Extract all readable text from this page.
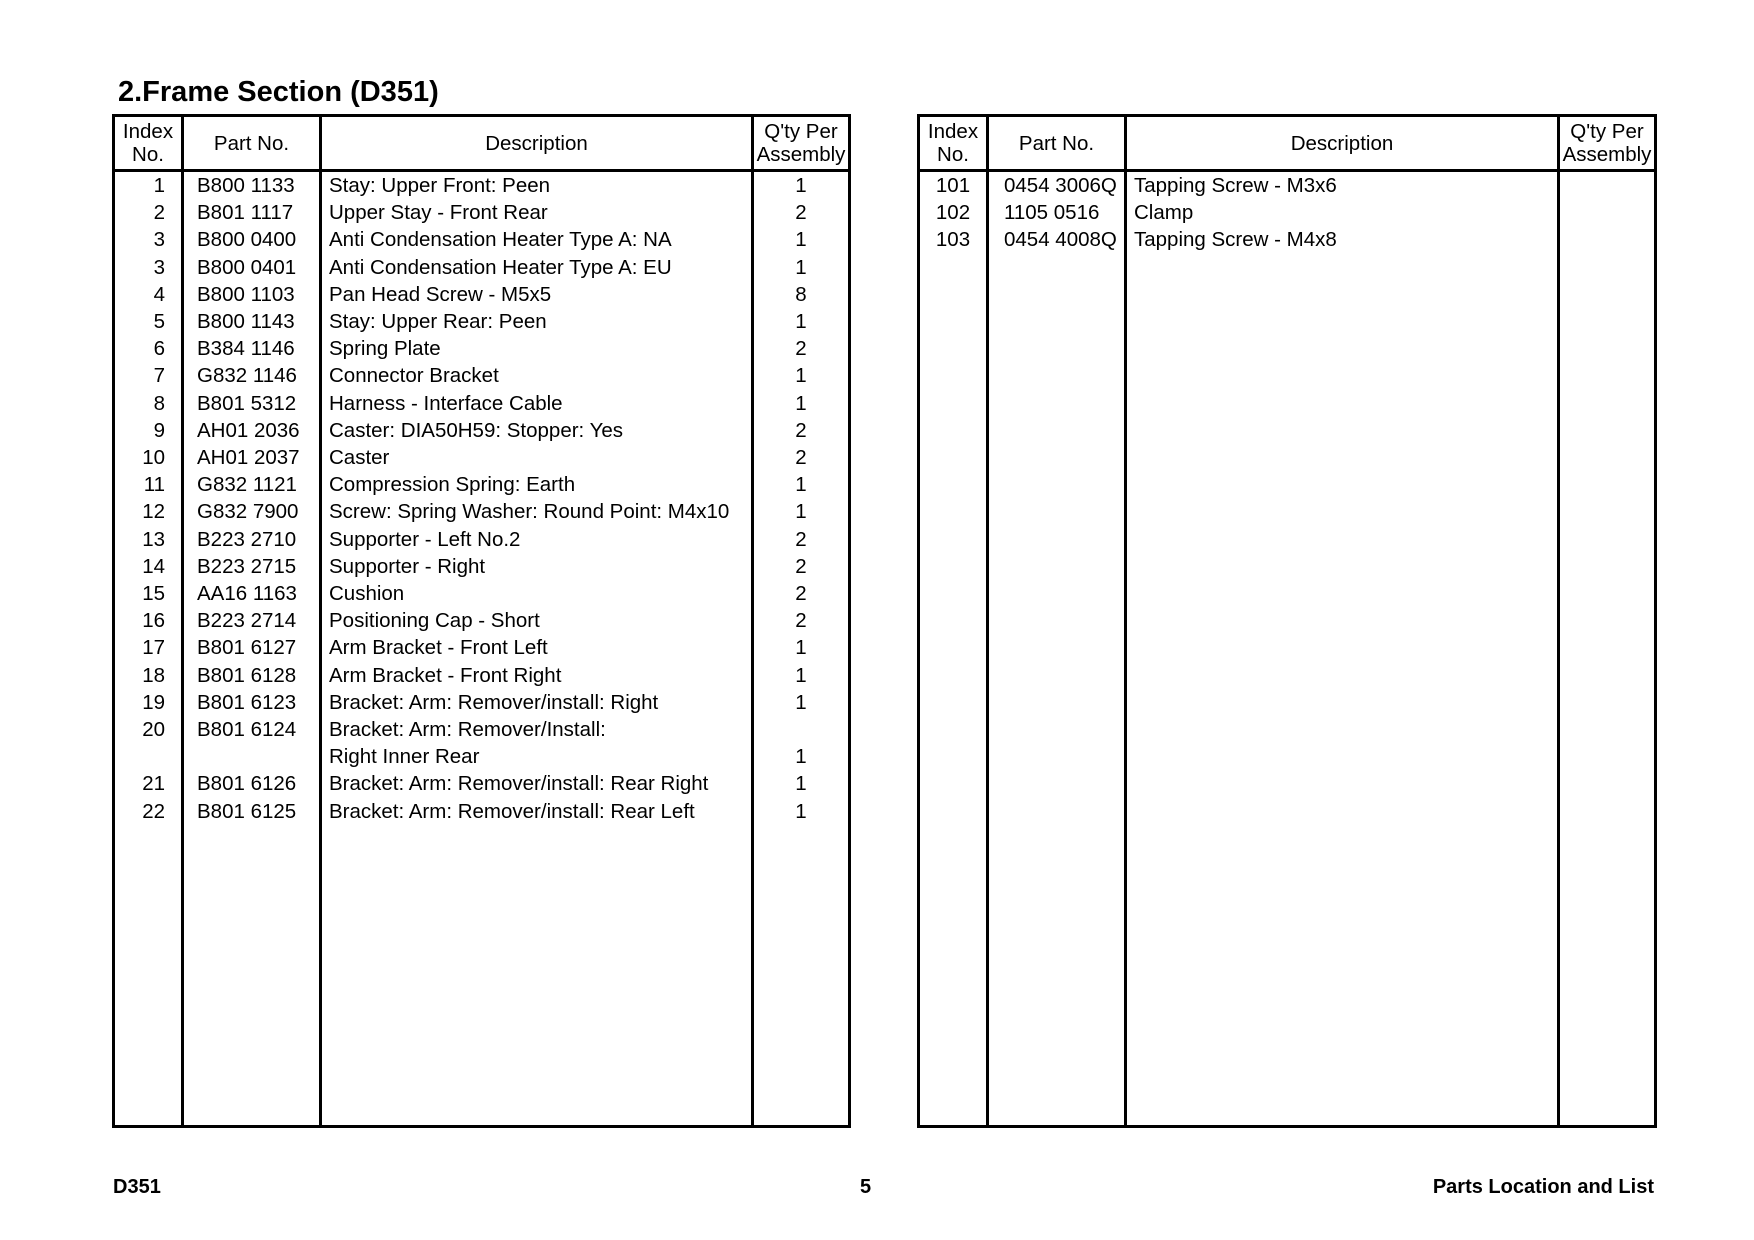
2.Frame Section (D351)
Index No.	Part No.	Description	Q'ty Per Assembly
1	B800 1133	Stay: Upper Front: Peen	1
2	B801 1117	Upper Stay - Front Rear	2
3	B800 0400	Anti Condensation Heater Type A: NA	1
3	B800 0401	Anti Condensation Heater Type A: EU	1
4	B800 1103	Pan Head Screw - M5x5	8
5	B800 1143	Stay: Upper Rear: Peen	1
6	B384 1146	Spring Plate	2
7	G832 1146	Connector Bracket	1
8	B801 5312	Harness - Interface Cable	1
9	AH01 2036	Caster: DIA50H59: Stopper: Yes	2
10	AH01 2037	Caster	2
11	G832 1121	Compression Spring: Earth	1
12	G832 7900	Screw: Spring Washer: Round Point: M4x10	1
13	B223 2710	Supporter - Left No.2	2
14	B223 2715	Supporter - Right	2
15	AA16 1163	Cushion	2
16	B223 2714	Positioning Cap - Short	2
17	B801 6127	Arm Bracket - Front Left	1
18	B801 6128	Arm Bracket - Front Right	1
19	B801 6123	Bracket: Arm: Remover/install: Right	1
20	B801 6124	Bracket: Arm: Remover/Install:	
		Right Inner Rear	1
21	B801 6126	Bracket: Arm: Remover/install: Rear Right	1
22	B801 6125	Bracket: Arm: Remover/install: Rear Left	1

Index No.	Part No.	Description	Q'ty Per Assembly
101	0454 3006Q	Tapping Screw - M3x6	
102	1105 0516	Clamp	
103	0454 4008Q	Tapping Screw - M4x8	

D351	5	Parts Location and List
